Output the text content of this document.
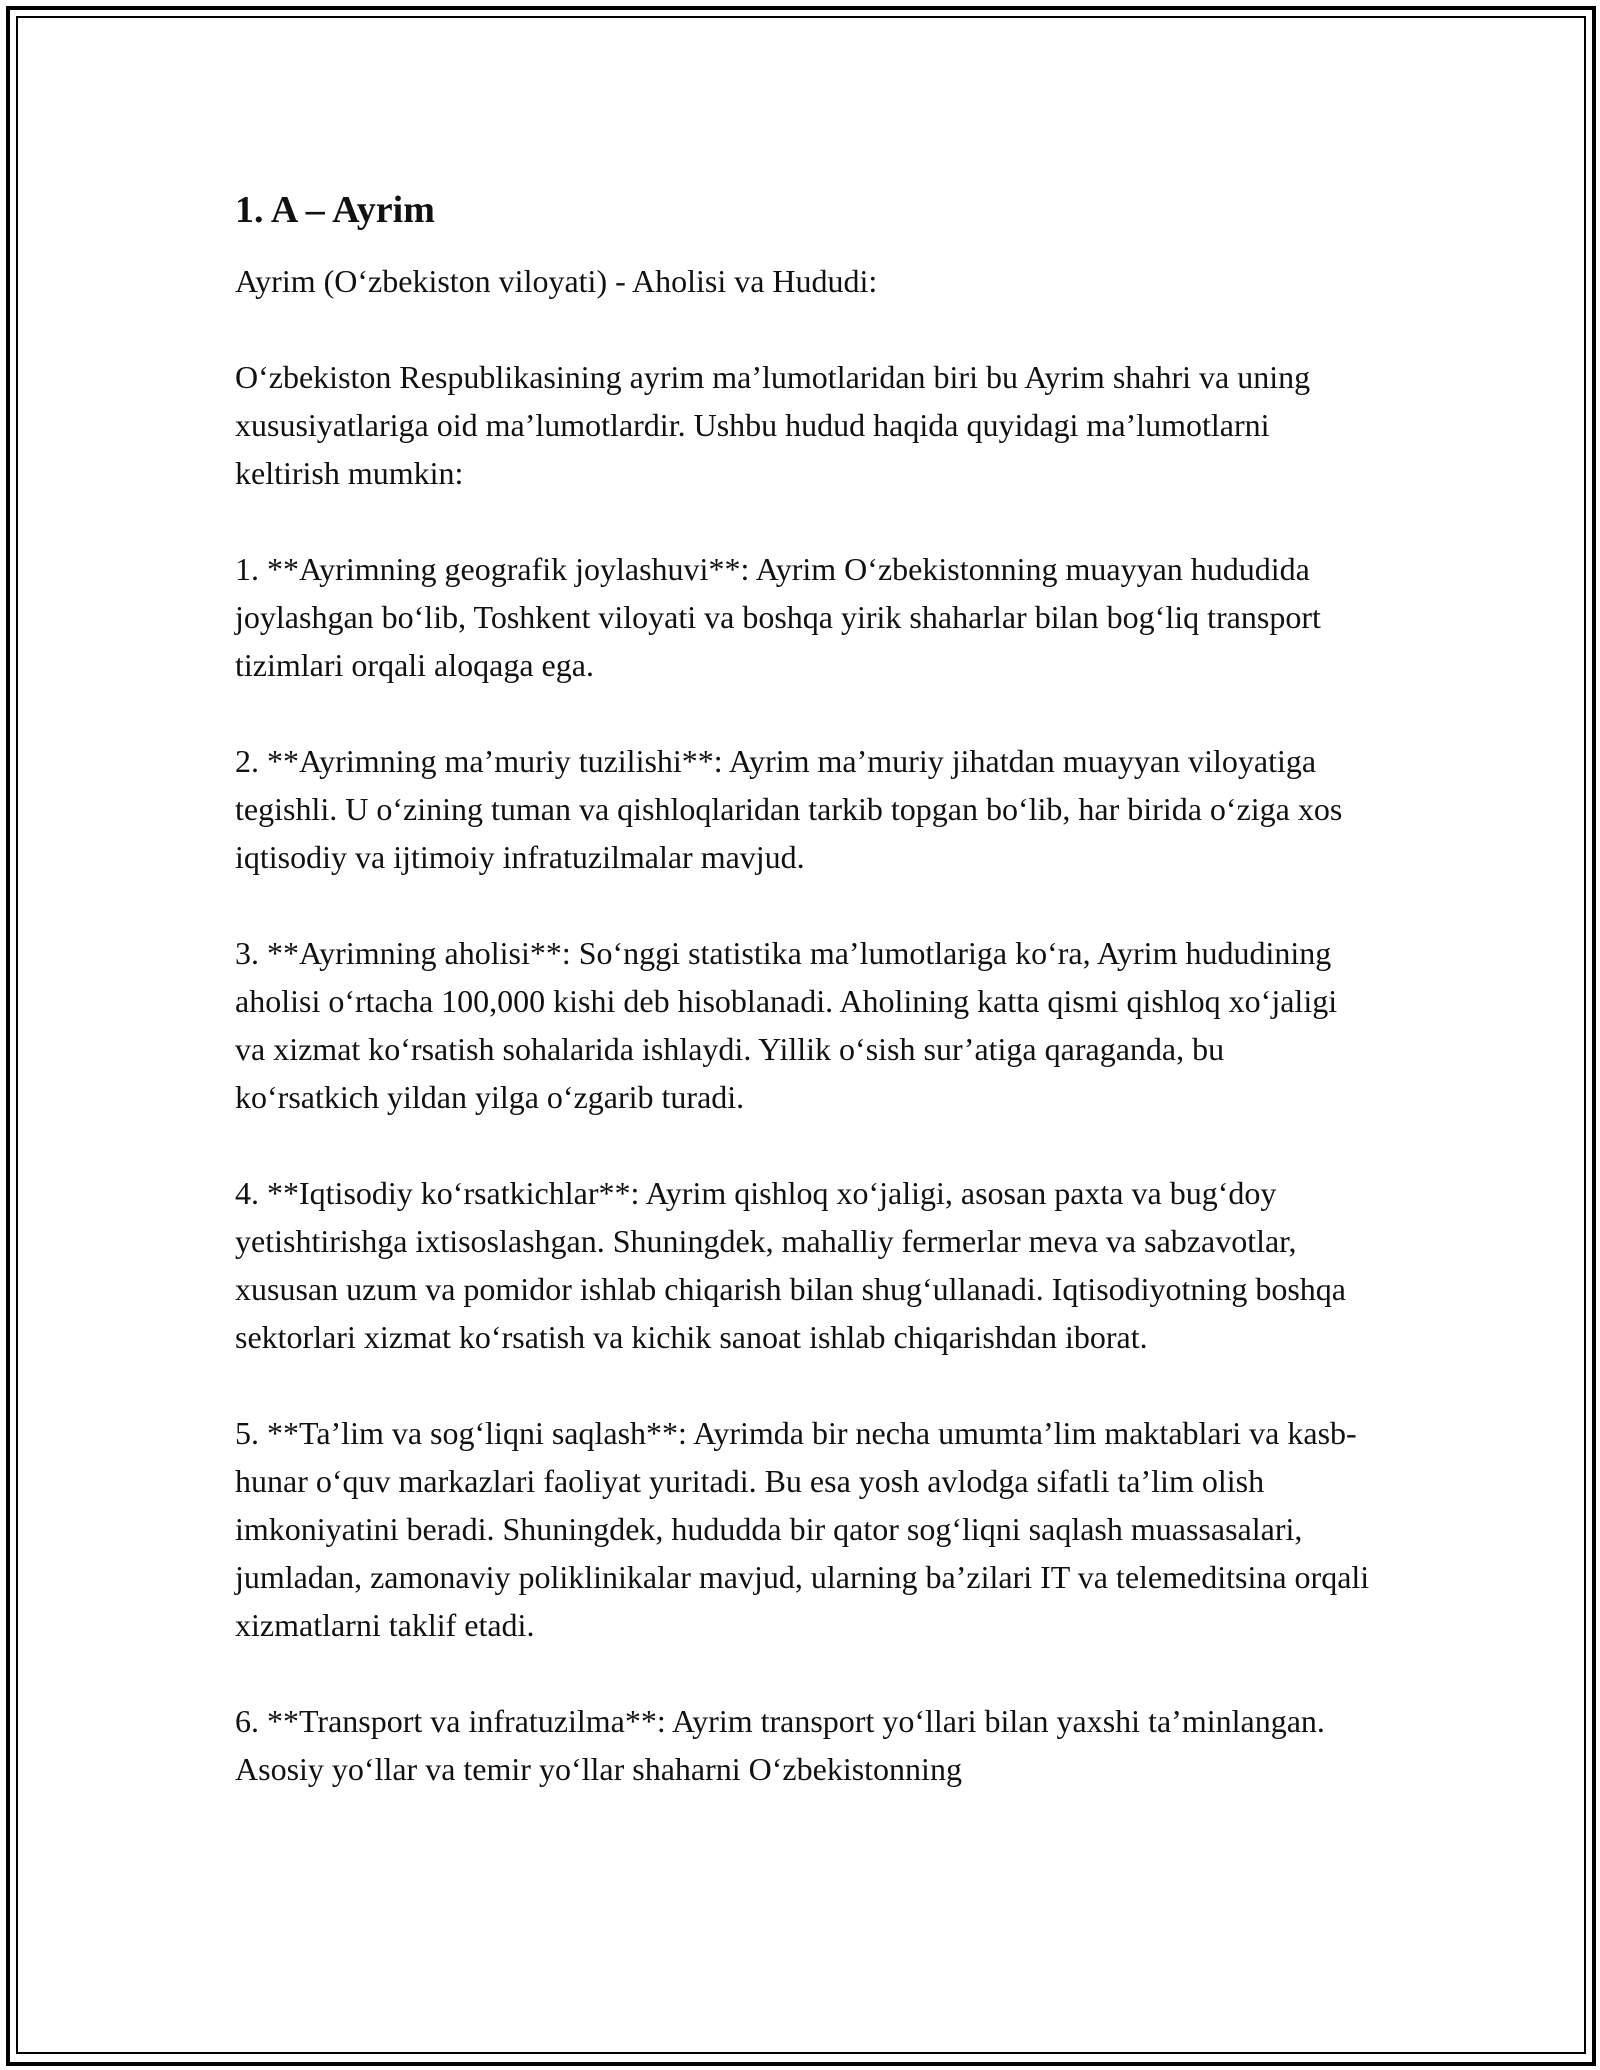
1. A – Ayrim

Ayrim (O‘zbekiston viloyati) - Aholisi va Hududi:

O‘zbekiston Respublikasining ayrim ma’lumotlaridan biri bu Ayrim shahri va uning xususiyatlariga oid ma’lumotlardir. Ushbu hudud haqida quyidagi ma’lumotlarni keltirish mumkin:

1. **Ayrimning geografik joylashuvi**: Ayrim O‘zbekistonning muayyan hududida joylashgan bo‘lib, Toshkent viloyati va boshqa yirik shaharlar bilan bog‘liq transport tizimlari orqali aloqaga ega.

2. **Ayrimning ma’muriy tuzilishi**: Ayrim ma’muriy jihatdan muayyan viloyatiga tegishli. U o‘zining tuman va qishloqlaridan tarkib topgan bo‘lib, har birida o‘ziga xos iqtisodiy va ijtimoiy infratuzilmalar mavjud.

3. **Ayrimning aholisi**: So‘nggi statistika ma’lumotlariga ko‘ra, Ayrim hududining aholisi o‘rtacha 100,000 kishi deb hisoblanadi. Aholining katta qismi qishloq xo‘jaligi va xizmat ko‘rsatish sohalarida ishlaydi. Yillik o‘sish sur’atiga qaraganda, bu ko‘rsatkich yildan yilga o‘zgarib turadi.

4. **Iqtisodiy ko‘rsatkichlar**: Ayrim qishloq xo‘jaligi, asosan paxta va bug‘doy yetishtirishga ixtisoslashgan. Shuningdek, mahalliy fermerlar meva va sabzavotlar, xususan uzum va pomidor ishlab chiqarish bilan shug‘ullanadi. Iqtisodiyotning boshqa sektorlari xizmat ko‘rsatish va kichik sanoat ishlab chiqarishdan iborat.

5. **Ta’lim va sog‘liqni saqlash**: Ayrimda bir necha umumta’lim maktablari va kasb-hunar o‘quv markazlari faoliyat yuritadi. Bu esa yosh avlodga sifatli ta’lim olish imkoniyatini beradi. Shuningdek, hududda bir qator sog‘liqni saqlash muassasalari, jumladan, zamonaviy poliklinikalar mavjud, ularning ba’zilari IT va telemeditsina orqali xizmatlarni taklif etadi.

6. **Transport va infratuzilma**: Ayrim transport yo‘llari bilan yaxshi ta’minlangan. Asosiy yo‘llar va temir yo‘llar shaharni O‘zbekistonning
